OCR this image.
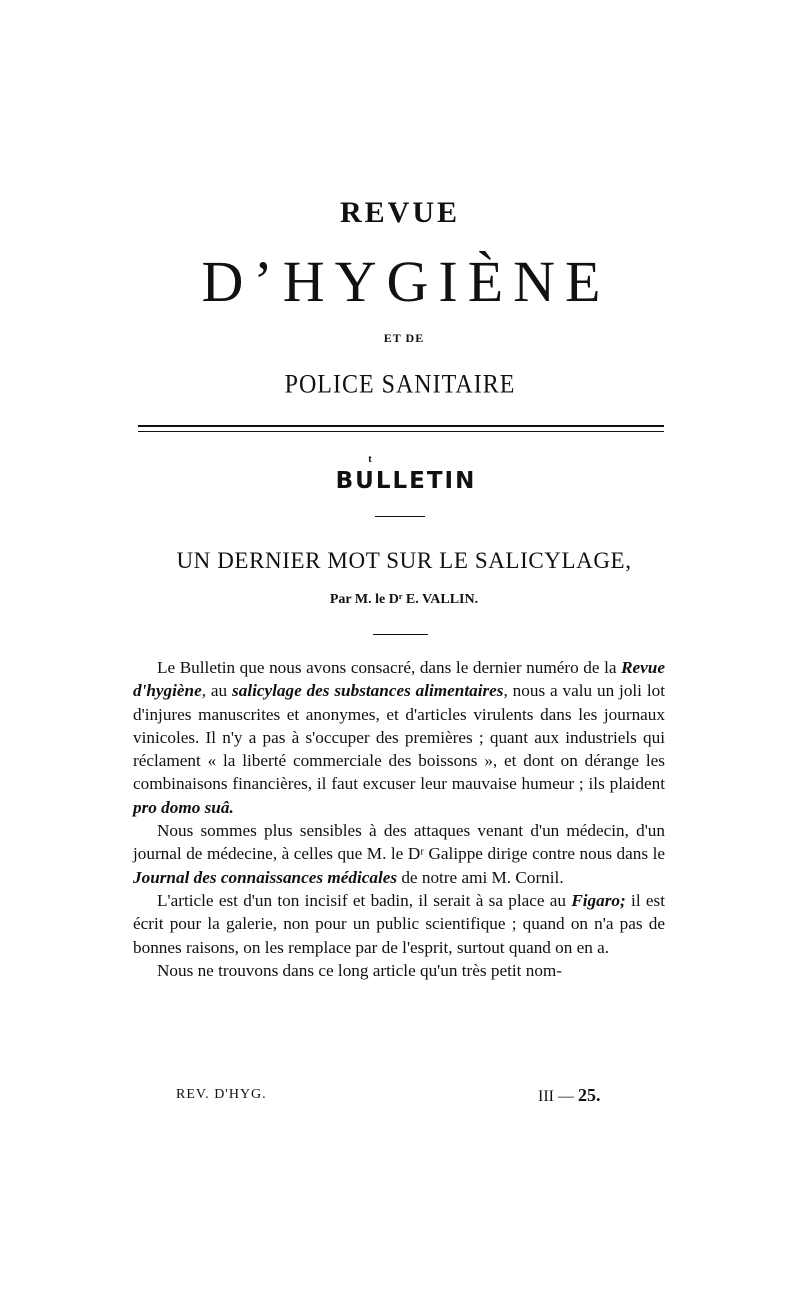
REVUE
D’HYGIÈNE
ET DE
POLICE SANITAIRE
t
BULLETIN
UN DERNIER MOT SUR LE SALICYLAGE,
Par M. le Dʳ E. VALLIN.

Le Bulletin que nous avons consacré, dans le dernier numéro de la Revue d'hygiène, au salicylage des substances alimentaires, nous a valu un joli lot d'injures manuscrites et anonymes, et d'articles virulents dans les journaux vinicoles. Il n'y a pas à s'occuper des premières ; quant aux industriels qui réclament « la liberté commerciale des boissons », et dont on dérange les combinaisons financières, il faut excuser leur mauvaise humeur ; ils plaident pro domo suâ.

Nous sommes plus sensibles à des attaques venant d'un médecin, d'un journal de médecine, à celles que M. le Dʳ Galippe dirige contre nous dans le Journal des connaissances médicales de notre ami M. Cornil.

L'article est d'un ton incisif et badin, il serait à sa place au Figaro; il est écrit pour la galerie, non pour un public scientifique ; quand on n'a pas de bonnes raisons, on les remplace par de l'esprit, surtout quand on en a.

Nous ne trouvons dans ce long article qu'un très petit nom-

REV. D'HYG.	III — 25.
